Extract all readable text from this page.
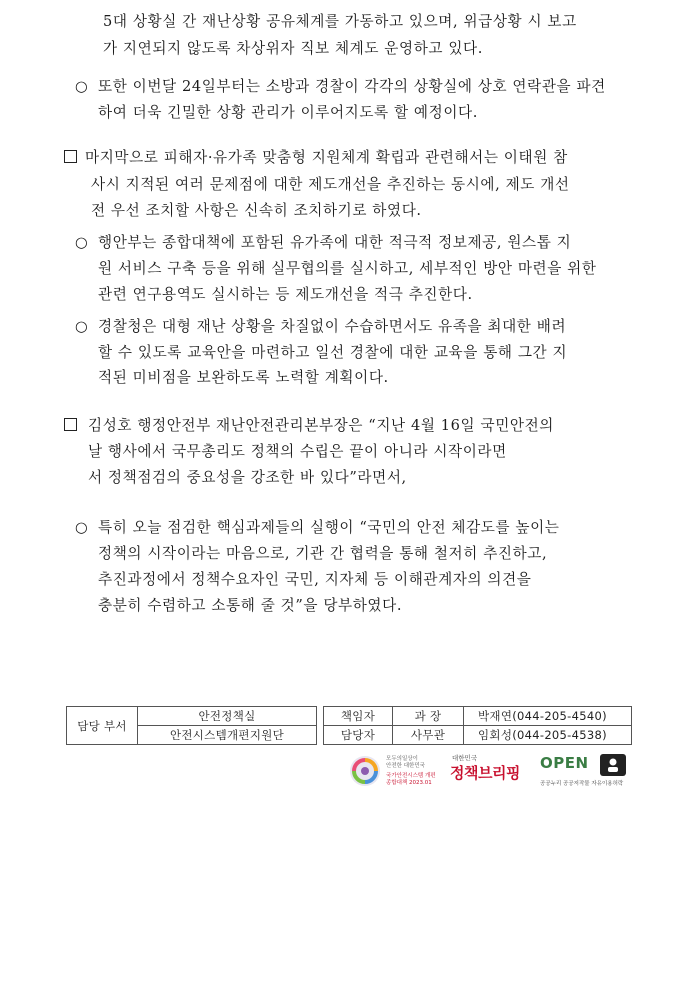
5대 상황실 간 재난상황 공유체계를 가동하고 있으며, 위급상황 시 보고
가 지연되지 않도록 차상위자 직보 체계도 운영하고 있다.
○ 또한 이번달 24일부터는 소방과 경찰이 각각의 상황실에 상호 연락관을 파견
하여 더욱 긴밀한 상황 관리가 이루어지도록 할 예정이다.
마지막으로 피해자·유가족 맞춤형 지원체계 확립과 관련해서는 이태원 참
사시 지적된 여러 문제점에 대한 제도개선을 추진하는 동시에, 제도 개선
전 우선 조치할 사항은 신속히 조치하기로 하였다.
○ 행안부는 종합대책에 포함된 유가족에 대한 적극적 정보제공, 원스톱 지
원 서비스 구축 등을 위해 실무협의를 실시하고, 세부적인 방안 마련을 위한
관련 연구용역도 실시하는 등 제도개선을 적극 추진한다.
○ 경찰청은 대형 재난 상황을 차질없이 수습하면서도 유족을 최대한 배려
할 수 있도록 교육안을 마련하고 일선 경찰에 대한 교육을 통해 그간 지
적된 미비점을 보완하도록 노력할 계획이다.
김성호 행정안전부 재난안전관리본부장은 “지난 4월 16일 국민안전의
날 행사에서 국무총리도 정책의 수립은 끝이 아니라 시작이라면
서 정책점검의 중요성을 강조한 바 있다”라면서,
○ 특히 오늘 점검한 핵심과제들의 실행이 “국민의 안전 체감도를 높이는
정책의 시작이라는 마음으로, 기관 간 협력을 통해 철저히 추진하고,
추진과정에서 정책수요자인 국민, 지자체 등 이해관계자의 의견을
충분히 수렴하고 소통해 줄 것”을 당부하였다.
담당 부서	안전정책실		책임자	과 장	박재연(044-205-4540)
	안전시스템개편지원단		담당자	사무관	임회성(044-205-4538)
모두의일상이
안전한 대한민국
국가안전시스템 개편
종합대책 2023.01
대한민국
정책브리핑
OPEN
공공누리 공공저작물 자유이용허락
